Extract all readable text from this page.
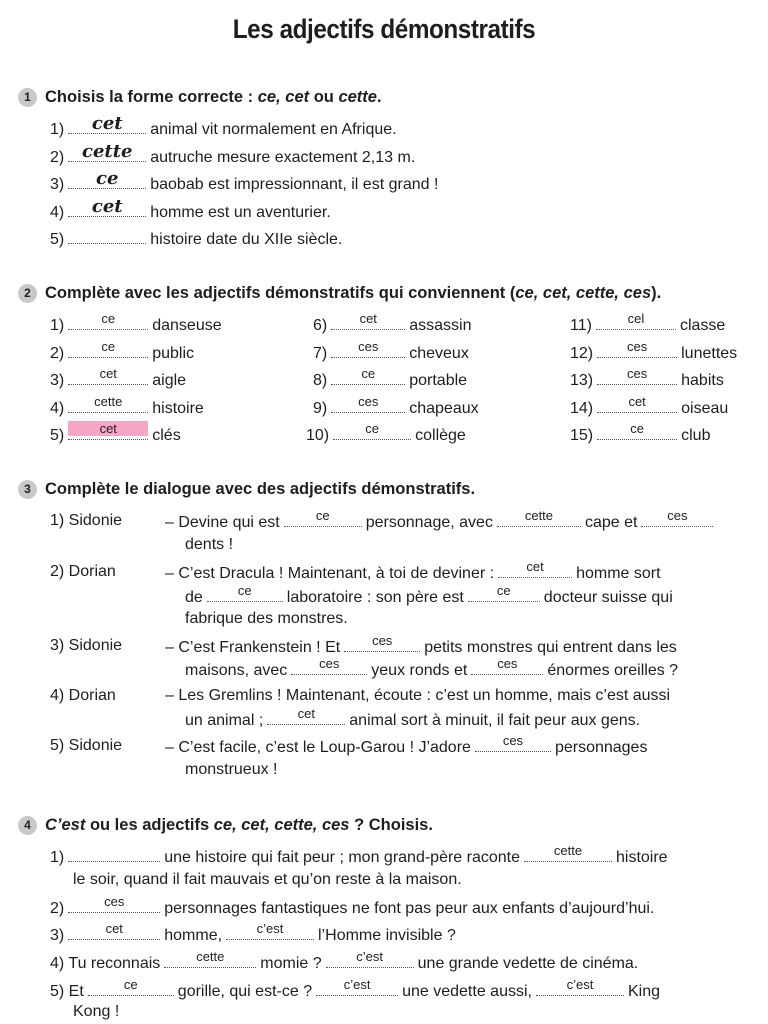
Les adjectifs démonstratifs
1 Choisis la forme correcte : ce, cet ou cette.
1)	cet	animal vit normalement en Afrique.
2) cette	autruche mesure exactement 2,13 m.
3)	ce	baobab est impressionnant, il est grand !
4)	cet	homme est un aventurier.
5)	histoire date du XIIe siècle.
2 Complète avec les adjectifs démonstratifs qui conviennent (ce, cet, cette, ces).
1)	ce	danseuse
2)	ce	public
3)	cet	aigle
4)	cette	histoire
5)	cet	clés
6)	cet	assassin
7)	ces	cheveux
8)	ce	portable
9)	ces	chapeaux
10)	ce	collège
11)	cel	classe
12)	ces	lunettes
13)	ces	habits
14)	cet	oiseau
15)	ce	club
3 Complète le dialogue avec des adjectifs démonstratifs.
1) Sidonie	– Devine qui est	ce	personnage, avec	cette	cape et	ces
dents !
2) Dorian	– C’est Dracula ! Maintenant, à toi de deviner :	cet	homme sort
de	ce	laboratoire : son père est	ce	docteur suisse qui
fabrique des monstres.
3) Sidonie	– C’est Frankenstein ! Et	ces	petits monstres qui entrent dans les
maisons, avec	ces	yeux ronds et	ces	énormes oreilles ?
4) Dorian	– Les Gremlins ! Maintenant, écoute : c’est un homme, mais c’est aussi
un animal ;	cet	animal sort à minuit, il fait peur aux gens.
5) Sidonie	– C’est facile, c’est le Loup-Garou ! J’adore	ces	personnages
monstrueux !
4 C’est ou les adjectifs ce, cet, cette, ces ? Choisis.
1)	une histoire qui fait peur ; mon grand-père raconte	cette	histoire
le soir, quand il fait mauvais et qu’on reste à la maison.
2)	ces	personnages fantastiques ne font pas peur aux enfants d’aujourd’hui.
3)	cet	homme,	c’est	l’Homme invisible ?
4) Tu reconnais	cette	momie ?	c’est	une grande vedette de cinéma.
5) Et	ce	gorille, qui est-ce ?	c’est	une vedette aussi,	c’est	King
Kong !
